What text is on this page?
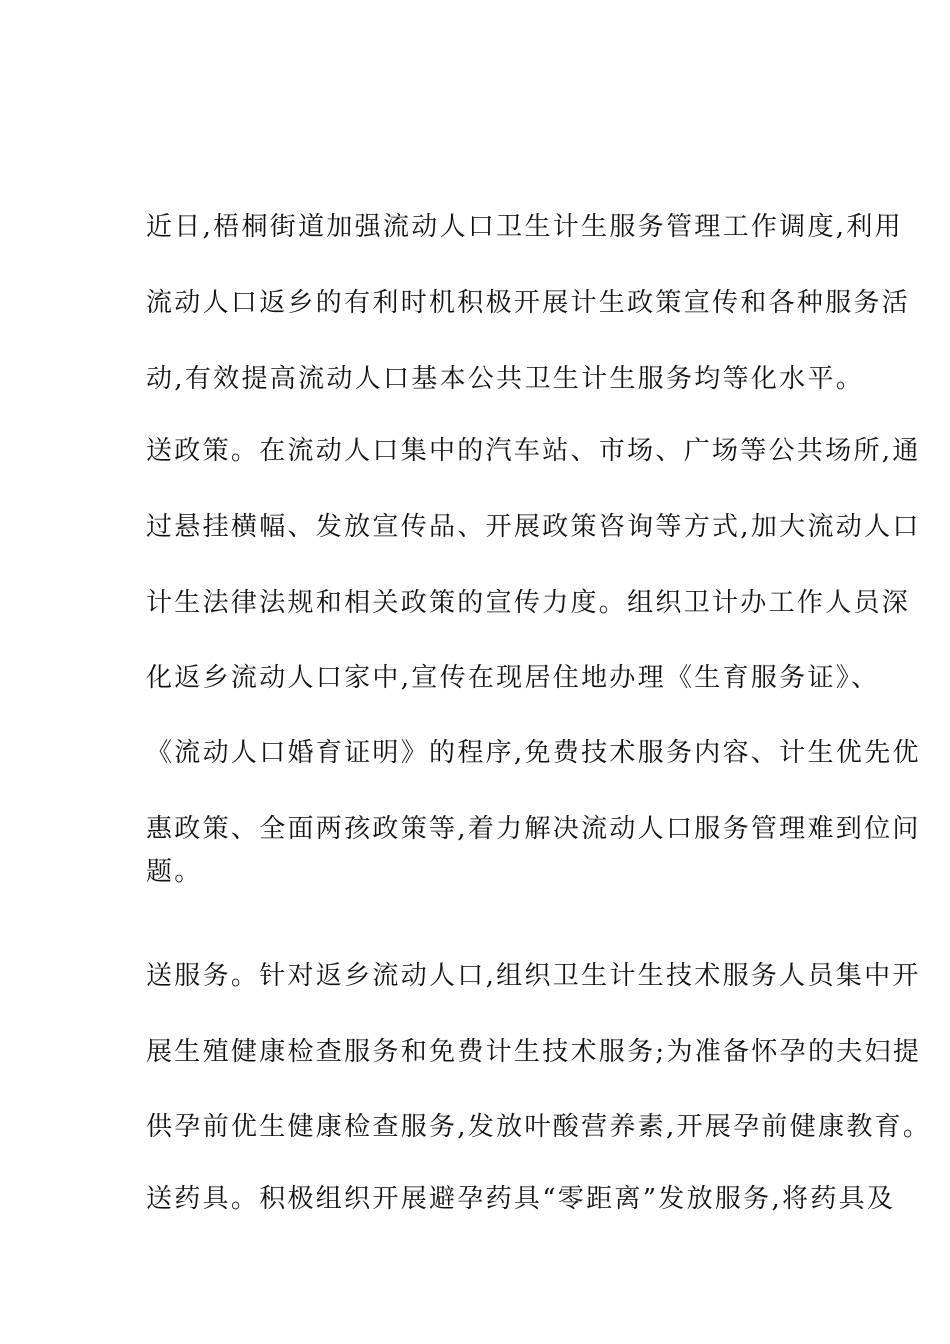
近日,梧桐街道加强流动人口卫生计生服务管理工作调度,利用
流动人口返乡的有利时机积极开展计生政策宣传和各种服务活
动,有效提高流动人口基本公共卫生计生服务均等化水平。
送政策。在流动人口集中的汽车站、市场、广场等公共场所,通
过悬挂横幅、发放宣传品、开展政策咨询等方式,加大流动人口
计生法律法规和相关政策的宣传力度。组织卫计办工作人员深
化返乡流动人口家中,宣传在现居住地办理《生育服务证》、
《流动人口婚育证明》的程序,免费技术服务内容、计生优先优
惠政策、全面两孩政策等,着力解决流动人口服务管理难到位问
题。
送服务。针对返乡流动人口,组织卫生计生技术服务人员集中开
展生殖健康检查服务和免费计生技术服务;为准备怀孕的夫妇提
供孕前优生健康检查服务,发放叶酸营养素,开展孕前健康教育。
送药具。积极组织开展避孕药具“零距离”发放服务,将药具及
